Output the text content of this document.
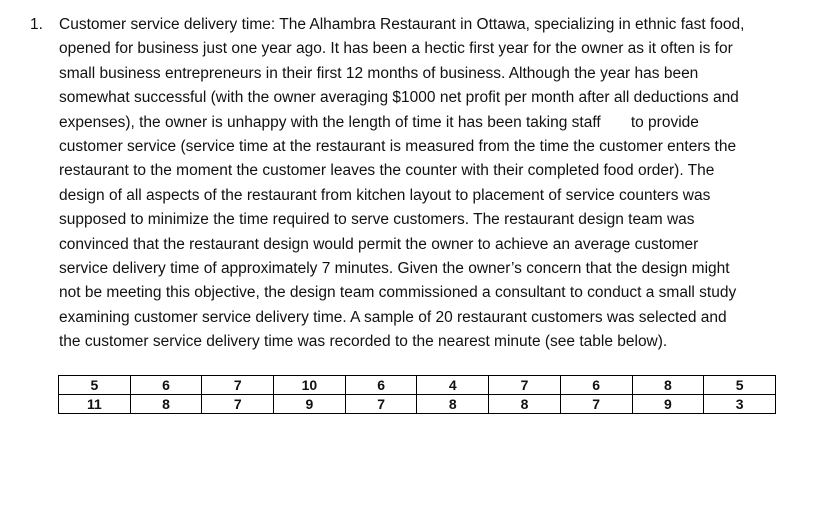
1. Customer service delivery time: The Alhambra Restaurant in Ottawa, specializing in ethnic fast food,
opened for business just one year ago. It has been a hectic first year for the owner as it often is for
small business entrepreneurs in their first 12 months of business. Although the year has been
somewhat successful (with the owner averaging $1000 net profit per month after all deductions and
expenses), the owner is unhappy with the length of time it has been taking staff       to provide
customer service (service time at the restaurant is measured from the time the customer enters the
restaurant to the moment the customer leaves the counter with their completed food order). The
design of all aspects of the restaurant from kitchen layout to placement of service counters was
supposed to minimize the time required to serve customers. The restaurant design team was
convinced that the restaurant design would permit the owner to achieve an average customer
service delivery time of approximately 7 minutes. Given the owner’s concern that the design might
not be meeting this objective, the design team commissioned a consultant to conduct a small study
examining customer service delivery time. A sample of 20 restaurant customers was selected and
the customer service delivery time was recorded to the nearest minute (see table below).
5	6	7	10	6	4	7	6	8	5
11	8	7	9	7	8	8	7	9	3
